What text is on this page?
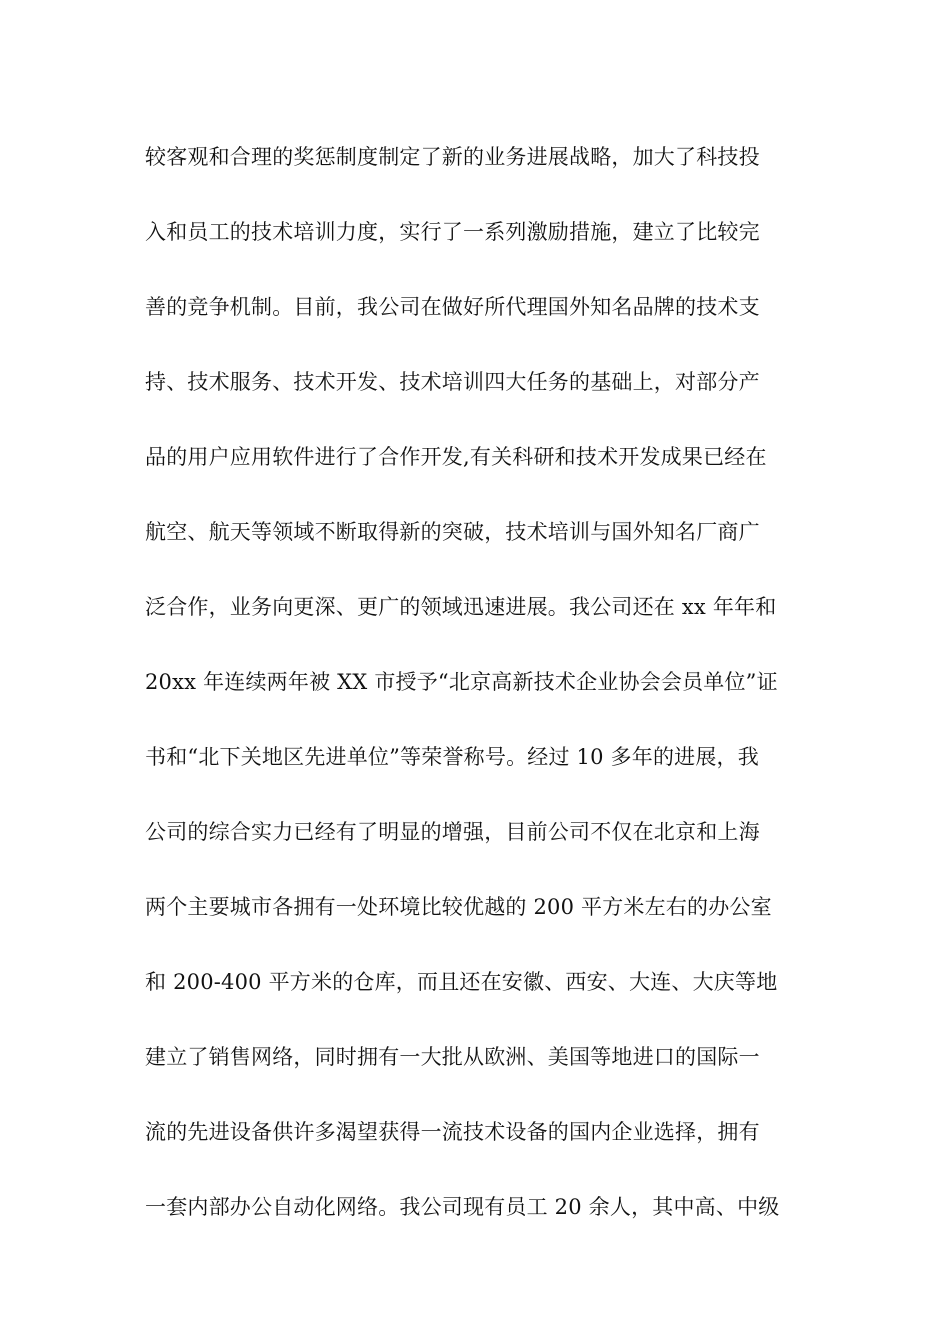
较客观和合理的奖惩制度制定了新的业务进展战略，加大了科技投
入和员工的技术培训力度，实行了一系列激励措施，建立了比较完
善的竞争机制。目前，我公司在做好所代理国外知名品牌的技术支
持、技术服务、技术开发、技术培训四大任务的基础上，对部分产
品的用户应用软件进行了合作开发,有关科研和技术开发成果已经在
航空、航天等领域不断取得新的突破，技术培训与国外知名厂商广
泛合作，业务向更深、更广的领域迅速进展。我公司还在 xx 年年和
20xx 年连续两年被 XX 市授予“北京高新技术企业协会会员单位”证
书和“北下关地区先进单位”等荣誉称号。经过 10 多年的进展，我
公司的综合实力已经有了明显的增强，目前公司不仅在北京和上海
两个主要城市各拥有一处环境比较优越的 200 平方米左右的办公室
和 200-400 平方米的仓库，而且还在安徽、西安、大连、大庆等地
建立了销售网络，同时拥有一大批从欧洲、美国等地进口的国际一
流的先进设备供许多渴望获得一流技术设备的国内企业选择，拥有
一套内部办公自动化网络。我公司现有员工 20 余人，其中高、中级
